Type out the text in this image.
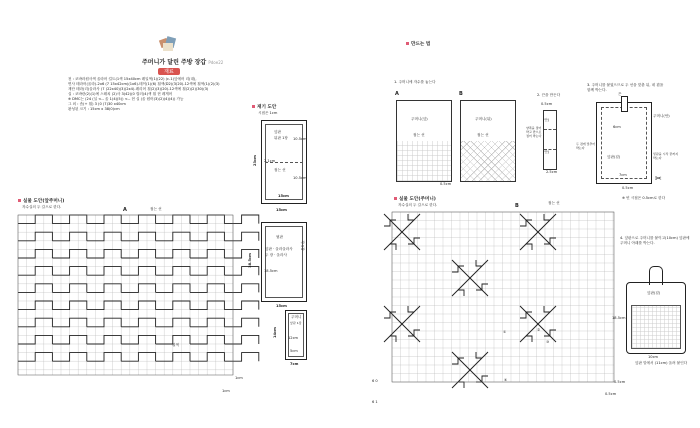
주머니가 달린 주방 장갑 Pdoe22
재료
천 : 코바라원사색 올라어 킬트(1색 15x40cm 레일색(1)(22) (c-1)앞에어 리(대),
면사 테라어(올라)-2x6 (7 15x42cm)(1x6)-테이(1)(6) 흰색(D2)(3(20)-12색에 흰색(1)(2)(3)
재단 테라(리)올라사 (7 (22x40)(3)(2x4)-레리어 흰(2)(3)(20)-12색에 흰(2)(2)(30)(3)
실 : 코바란(2)(1)에 스테치 (2)사 3(42)(0 컬러(4)색 흰 현 레게어
※ DMC는 (24 (실 <-- 올 1(4)(5)) <-- 현 실 (올 원어(3)(2)(4)(4)) 가능
그 외 : 솜(+ 흰) 3 (0 (7)30 x40cm
완성된 크기 : 15cm x 38(0)cm	재기 도안
시접은 1cm
앞판
뒤판 1장
접는 선
10.5cm
10.5cm
2.1cm
15cm
23cm
15cm
뒷판
앞판 · 올라올라사
두 장 · 올라사
각 1장
18.5cm
38.5cm
15cm
주머니
앞판 1장
12cm
5cm
14cm
7cm
실물 도안(앞주머니)
자수실의 두 갈으로 한다.	A	접는 선
흰색
1cm
1cm
만드는 법
1. 주머니에 자수를 놓는다
A
주머니(앞)
접는 선
0.5cm
B
주머니(뒤)
접는 선
2. 끈을 만든다
0.5cm
(안)
(안)
양쪽을 접어 박고 반으로 접어 박는다
2.5cm
3. 주머니를 붙였으므로 두 선을 맞춘 뒤, 네 겹을 함께 박는다.
6cm
앞판(겉)
7cm
끈
주머니(안)
밑판을 시작 끝까지 박는다
두 겹에 맞추어 박는다
0.5cm
✂
※ 빈 시접은 0.5cm로 한다
실물 도안(주머니)
자수실의 두 갈으로 한다.	B	접는 선
①	②
③
④	0.5cm
0.5cm
4. 앞판으로 주머니를 붙이고(10cm) 앞판에 주머니 아래를 박는다.
앞판(겉)
18.5cm
10cm
앞판 밑에서 (11cm) 올려 붙인다
6 0
6 1
